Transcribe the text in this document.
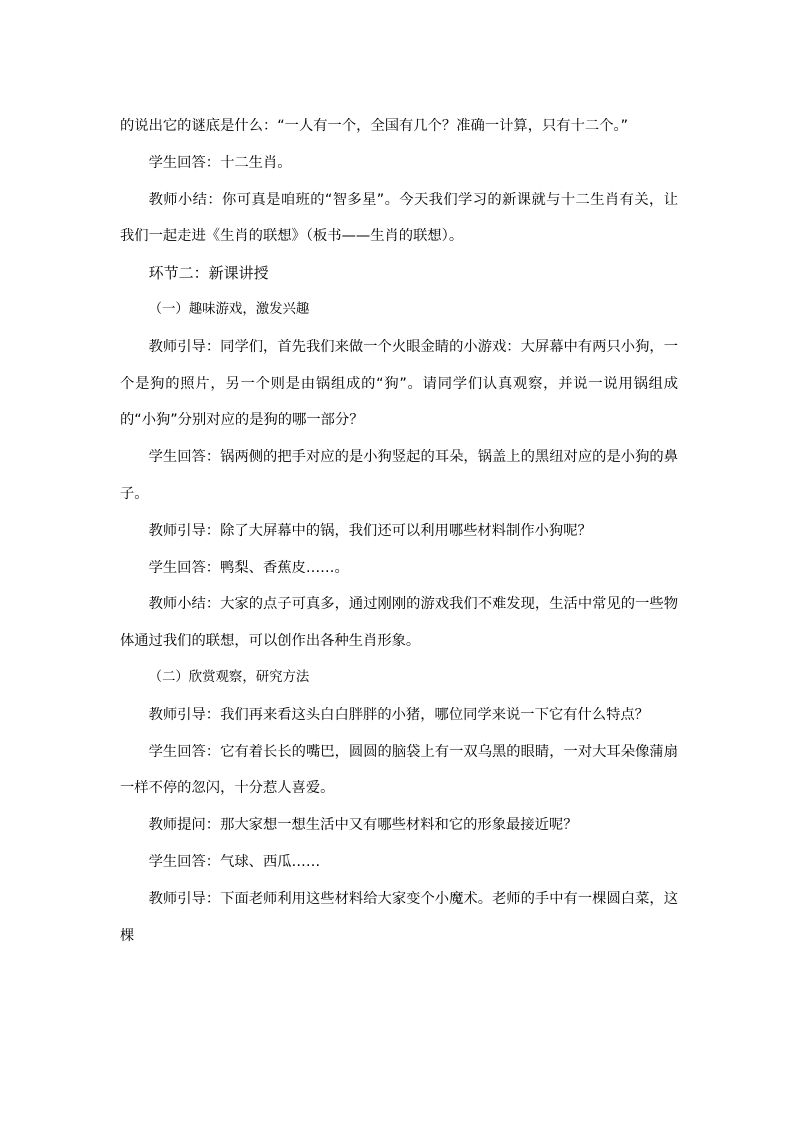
的说出它的谜底是什么：“一人有一个，全国有几个？准确一计算，只有十二个。”

学生回答：十二生肖。

教师小结：你可真是咱班的“智多星”。今天我们学习的新课就与十二生肖有关，让我们一起走进《生肖的联想》（板书——生肖的联想）。

环节二：新课讲授

（一）趣味游戏，激发兴趣

教师引导：同学们，首先我们来做一个火眼金睛的小游戏：大屏幕中有两只小狗，一个是狗的照片，另一个则是由锅组成的“狗”。请同学们认真观察，并说一说用锅组成的“小狗”分别对应的是狗的哪一部分？

学生回答：锅两侧的把手对应的是小狗竖起的耳朵，锅盖上的黑纽对应的是小狗的鼻子。

教师引导：除了大屏幕中的锅，我们还可以利用哪些材料制作小狗呢？

学生回答：鸭梨、香蕉皮……。

教师小结：大家的点子可真多，通过刚刚的游戏我们不难发现，生活中常见的一些物体通过我们的联想，可以创作出各种生肖形象。

（二）欣赏观察，研究方法

教师引导：我们再来看这头白白胖胖的小猪，哪位同学来说一下它有什么特点？

学生回答：它有着长长的嘴巴，圆圆的脑袋上有一双乌黑的眼睛，一对大耳朵像蒲扇一样不停的忽闪，十分惹人喜爱。

教师提问：那大家想一想生活中又有哪些材料和它的形象最接近呢？

学生回答：气球、西瓜……

教师引导：下面老师利用这些材料给大家变个小魔术。老师的手中有一棵圆白菜，这棵
